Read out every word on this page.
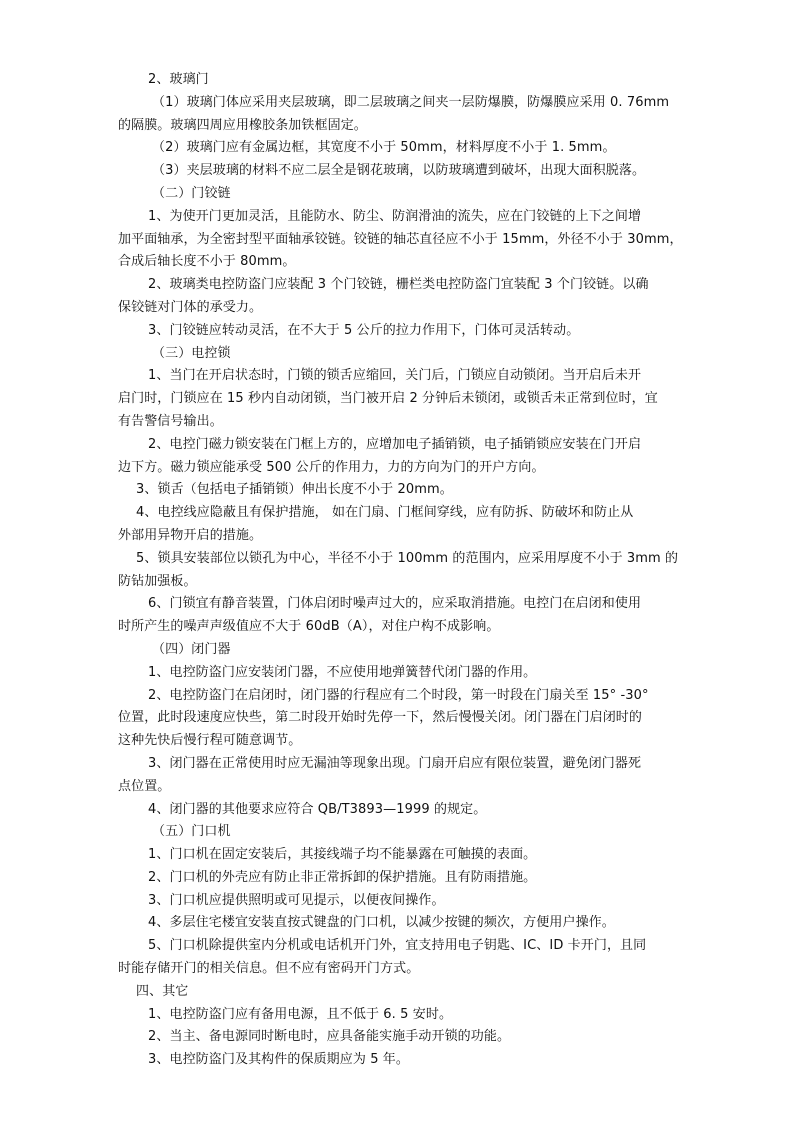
2、玻璃门
（1）玻璃门体应采用夹层玻璃，即二层玻璃之间夹一层防爆膜，防爆膜应采用 0. 76mm
的隔膜。玻璃四周应用橡胶条加铁框固定。
（2）玻璃门应有金属边框，其宽度不小于 50mm，材料厚度不小于 1. 5mm。
（3）夹层玻璃的材料不应二层全是钢花玻璃，以防玻璃遭到破坏，出现大面积脱落。
（二）门铰链
1、为使开门更加灵活，且能防水、防尘、防润滑油的流失，应在门铰链的上下之间增
加平面轴承，为全密封型平面轴承铰链。铰链的轴芯直径应不小于 15mm，外径不小于 30mm，
合成后轴长度不小于 80mm。
2、玻璃类电控防盗门应装配 3 个门铰链，栅栏类电控防盗门宜装配 3 个门铰链。以确
保铰链对门体的承受力。
3、门铰链应转动灵活，在不大于 5 公斤的拉力作用下，门体可灵活转动。
（三）电控锁
1、当门在开启状态时，门锁的锁舌应缩回，关门后，门锁应自动锁闭。当开启后未开
启门时，门锁应在 15 秒内自动闭锁，当门被开启 2 分钟后未锁闭，或锁舌未正常到位时，宜
有告警信号输出。
2、电控门磁力锁安装在门框上方的，应增加电子插销锁，电子插销锁应安装在门开启
边下方。磁力锁应能承受 500 公斤的作用力，力的方向为门的开户方向。
3、锁舌（包括电子插销锁）伸出长度不小于 20mm。
4、电控线应隐蔽且有保护措施， 如在门扇、门框间穿线，应有防拆、防破坏和防止从
外部用异物开启的措施。
5、锁具安装部位以锁孔为中心，半径不小于 100mm 的范围内，应采用厚度不小于 3mm 的
防钻加强板。
6、门锁宜有静音装置，门体启闭时噪声过大的，应采取消措施。电控门在启闭和使用
时所产生的噪声声级值应不大于 60dB（A），对住户构不成影响。
（四）闭门器
1、电控防盗门应安装闭门器，不应使用地弹簧替代闭门器的作用。
2、电控防盗门在启闭时，闭门器的行程应有二个时段，第一时段在门扇关至 15° -30°
位置，此时段速度应快些，第二时段开始时先停一下，然后慢慢关闭。闭门器在门启闭时的
这种先快后慢行程可随意调节。
3、闭门器在正常使用时应无漏油等现象出现。门扇开启应有限位装置，避免闭门器死
点位置。
4、闭门器的其他要求应符合 QB/T3893—1999 的规定。
（五）门口机
1、门口机在固定安装后，其接线端子均不能暴露在可触摸的表面。
2、门口机的外壳应有防止非正常拆卸的保护措施。且有防雨措施。
3、门口机应提供照明或可见提示，以便夜间操作。
4、多层住宅楼宜安装直按式键盘的门口机，以减少按键的频次，方便用户操作。
5、门口机除提供室内分机或电话机开门外，宜支持用电子钥匙、IC、ID 卡开门，且同
时能存储开门的相关信息。但不应有密码开门方式。
四、其它
1、电控防盗门应有备用电源，且不低于 6. 5 安时。
2、当主、备电源同时断电时，应具备能实施手动开锁的功能。
3、电控防盗门及其构件的保质期应为 5 年。
